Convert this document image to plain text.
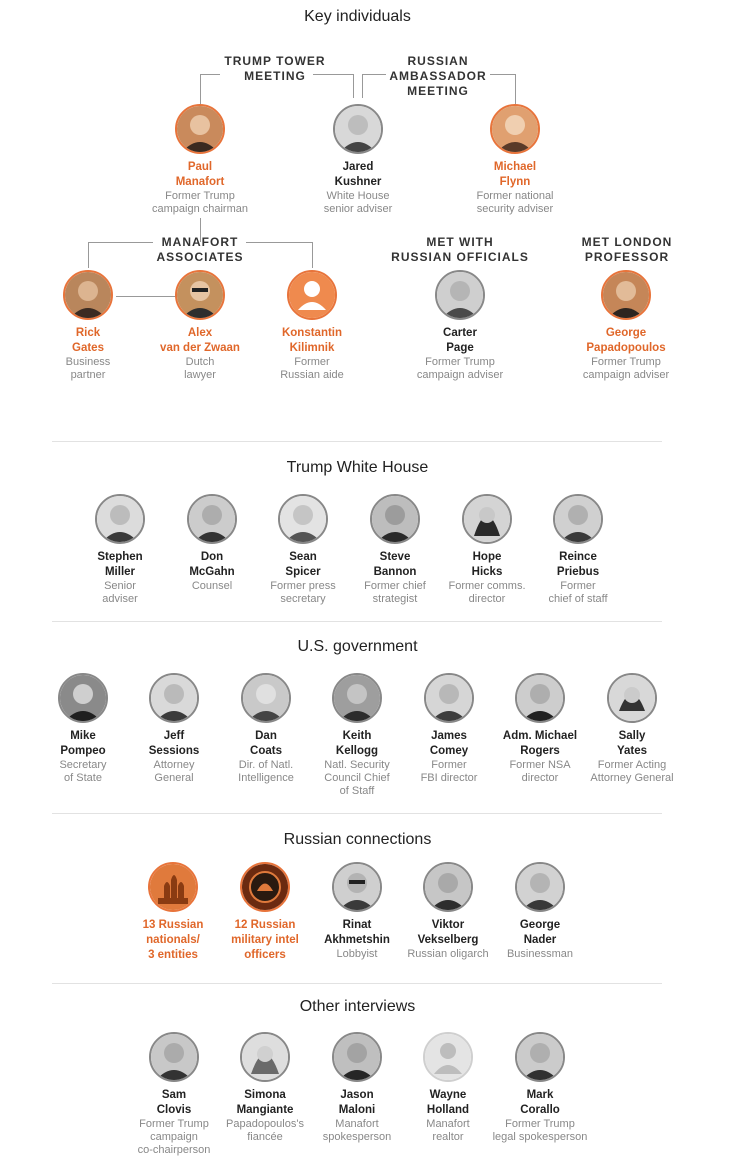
Key individuals
TRUMP TOWER
MEETING
RUSSIAN
AMBASSADOR
MEETING
MANAFORT
ASSOCIATES
MET WITH
RUSSIAN OFFICIALS
MET LONDON
PROFESSOR
Paul
Manafort
Former Trump
campaign chairman
Jared
Kushner
White House
senior adviser
Michael
Flynn
Former national
security adviser
Rick
Gates
Business
partner
Alex
van der Zwaan
Dutch
lawyer
Konstantin
Kilimnik
Former
Russian aide
Carter
Page
Former Trump
campaign adviser
George
Papadopoulos
Former Trump
campaign adviser
Trump White House
Stephen
Miller
Senior
adviser
Don
McGahn
Counsel
Sean
Spicer
Former press
secretary
Steve
Bannon
Former chief
strategist
Hope
Hicks
Former comms.
director
Reince
Priebus
Former
chief of staff
U.S. government
Mike
Pompeo
Secretary
of State
Jeff
Sessions
Attorney
General
Dan
Coats
Dir. of Natl.
Intelligence
Keith
Kellogg
Natl. Security
Council Chief
of Staff
James
Comey
Former
FBI director
Adm. Michael
Rogers
Former NSA
director
Sally
Yates
Former Acting
Attorney General
Russian connections
13 Russian
nationals/
3 entities
12 Russian
military intel
officers
Rinat
Akhmetshin
Lobbyist
Viktor
Vekselberg
Russian oligarch
George
Nader
Businessman
Other interviews
Sam
Clovis
Former Trump
campaign
co-chairperson
Simona
Mangiante
Papadopoulos's
fiancée
Jason
Maloni
Manafort
spokesperson
Wayne
Holland
Manafort
realtor
Mark
Corallo
Former Trump
legal spokesperson
